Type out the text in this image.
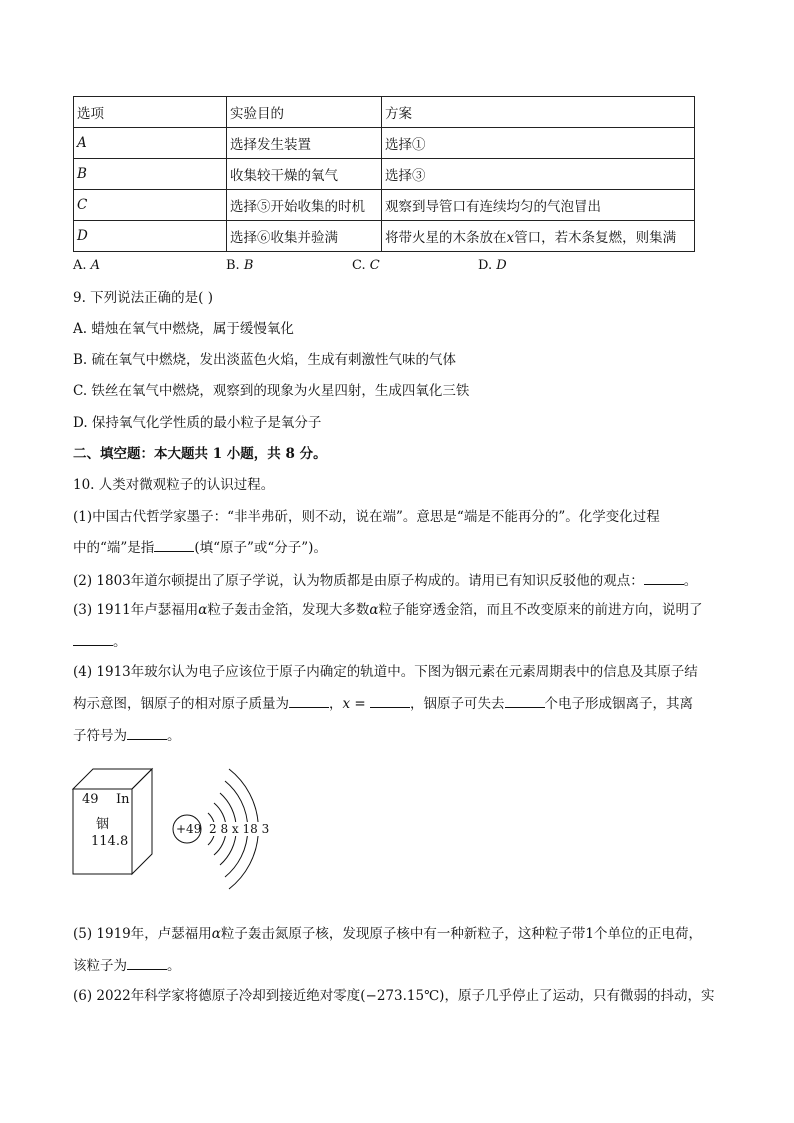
选项	实验目的	方案
A	选择发生装置	选择①
B	收集较干燥的氧气	选择③
C	选择⑤开始收集的时机	观察到导管口有连续均匀的气泡冒出
D	选择⑥收集并验满	将带火星的木条放在x管口，若木条复燃，则集满
A. A	B. B	C. C	D. D
9. 下列说法正确的是( )
A. 蜡烛在氧气中燃烧，属于缓慢氧化
B. 硫在氧气中燃烧，发出淡蓝色火焰，生成有刺激性气味的气体
C. 铁丝在氧气中燃烧，观察到的现象为火星四射，生成四氧化三铁
D. 保持氧气化学性质的最小粒子是氧分子
二、填空题：本大题共 1 小题，共 8 分。
10. 人类对微观粒子的认识过程。
(1)中国古代哲学家墨子：“非半弗斫，则不动，说在端”。意思是“端是不能再分的”。化学变化过程
中的“端”是指	(填“原子”或“分子”)。
(2) 1803年道尔顿提出了原子学说，认为物质都是由原子构成的。请用已有知识反驳他的观点：	。
(3) 1911年卢瑟福用α粒子轰击金箔，发现大多数α粒子能穿透金箔，而且不改变原来的前进方向，说明了
。
(4) 1913年玻尔认为电子应该位于原子内确定的轨道中。下图为铟元素在元素周期表中的信息及其原子结
构示意图，铟原子的相对原子质量为	，x =	，铟原子可失去	个电子形成铟离子，其离
子符号为	。
49 In
铟
114.8
+49 2 8 x 18 3
(5) 1919年，卢瑟福用α粒子轰击氮原子核，发现原子核中有一种新粒子，这种粒子带1个单位的正电荷，
该粒子为	。
(6) 2022年科学家将德原子冷却到接近绝对零度(−273.15℃)，原子几乎停止了运动，只有微弱的抖动，实
